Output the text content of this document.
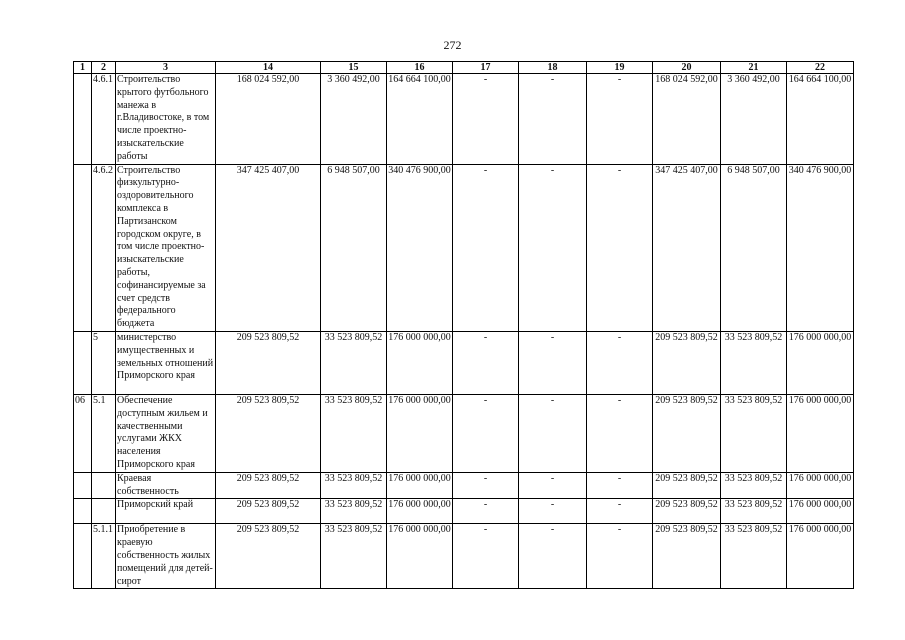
272
1	2	3	14	15	16	17	18	19	20	21	22
	4.6.1	Строительство крытого футбольного манежа в г.Владивостоке, в том числе проектно-изыскательские работы	168 024 592,00	3 360 492,00	164 664 100,00	-	-	-	168 024 592,00	3 360 492,00	164 664 100,00
	4.6.2	Строительство физкультурно-оздоровительного комплекса в Партизанском городском округе, в том числе проектно-изыскательские работы, софинансируемые за счет средств федерального бюджета	347 425 407,00	6 948 507,00	340 476 900,00	-	-	-	347 425 407,00	6 948 507,00	340 476 900,00
	5	министерство имущественных и земельных отношений Приморского края	209 523 809,52	33 523 809,52	176 000 000,00	-	-	-	209 523 809,52	33 523 809,52	176 000 000,00
06	5.1	Обеспечение доступным жильем и качественными услугами ЖКХ населения Приморского края	209 523 809,52	33 523 809,52	176 000 000,00	-	-	-	209 523 809,52	33 523 809,52	176 000 000,00
		Краевая собственность	209 523 809,52	33 523 809,52	176 000 000,00	-	-	-	209 523 809,52	33 523 809,52	176 000 000,00
		Приморский край	209 523 809,52	33 523 809,52	176 000 000,00	-	-	-	209 523 809,52	33 523 809,52	176 000 000,00
	5.1.1	Приобретение в краевую собственность жилых помещений для детей-сирот	209 523 809,52	33 523 809,52	176 000 000,00	-	-	-	209 523 809,52	33 523 809,52	176 000 000,00
